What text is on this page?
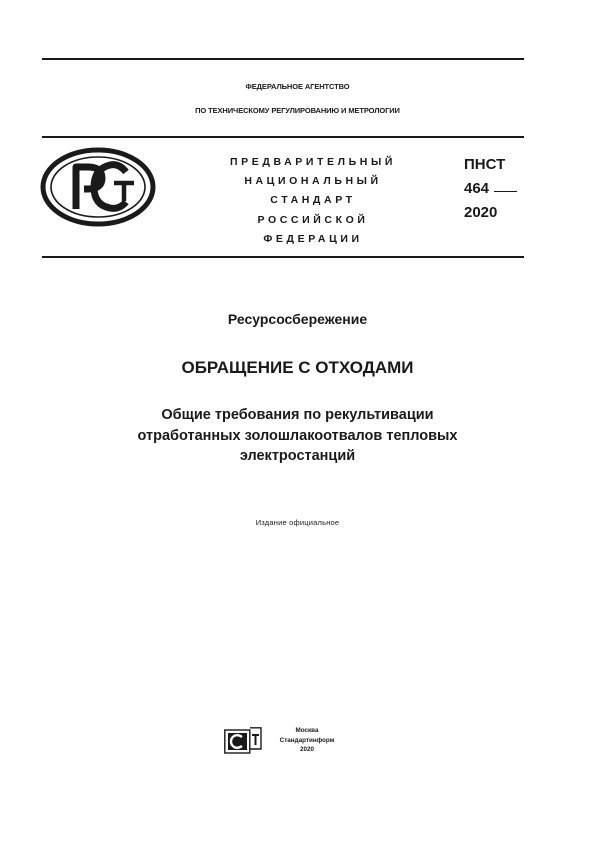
ФЕДЕРАЛЬНОЕ АГЕНТСТВО
ПО ТЕХНИЧЕСКОМУ РЕГУЛИРОВАНИЮ И МЕТРОЛОГИИ
ПРЕДВАРИТЕЛЬНЫЙ
НАЦИОНАЛЬНЫЙ
СТАНДАРТ
РОССИЙСКОЙ
ФЕДЕРАЦИИ
ПНСТ
464
2020
Ресурсосбережение
ОБРАЩЕНИЕ С ОТХОДАМИ
Общие требования по рекультивации
отработанных золошлакоотвалов тепловых
электростанций
Издание официальное
Москва
Стандартинформ
2020
